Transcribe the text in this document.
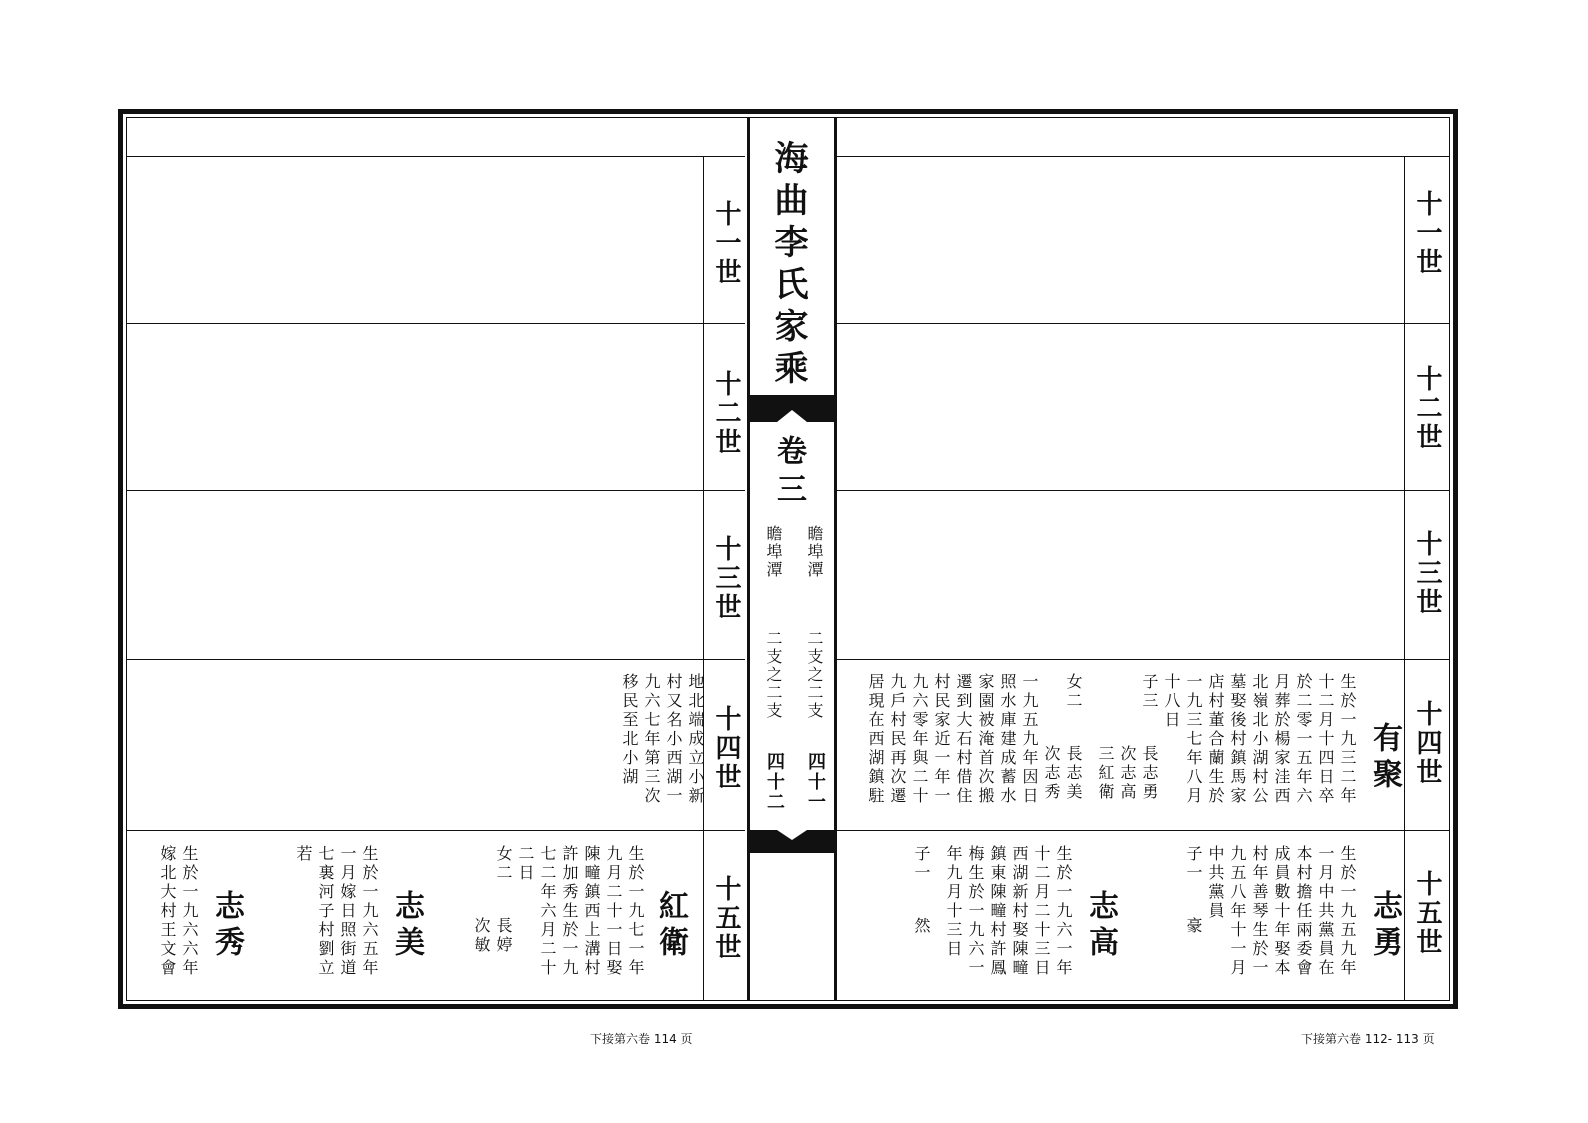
海曲李氏家乘
卷三
瞻埠潭
瞻埠潭
二支之二支
二支之二支
四十一
四十二
十一世
十二世
十三世
十四世
十五世
十一世
十二世
十三世
十四世
十五世
有聚
生於一九三二年
十二月十四日卒
於二零一五年六
月葬於楊家洼西
北嶺北小湖村公
墓娶後村鎮馬家
店村董合蘭生於
一九三七年八月
十八日
子三
長志勇
次志高
三紅衛
女二
長志美
次志秀
一九五九年因日
照水庫建成蓄水
家園被淹首次搬
遷到大石村借住
村民家近一年一
九六零年與二十
九戶村民再次遷
居現在西湖鎮駐
志勇
生於一九五九年
一月中共黨員在
本村擔任兩委會
成員數十年娶本
村年善琴生於一
九五八年十一月
中共黨員
子一
豪
志高
生於一九六一年
十二月二十三日
西湖新村娶陳疃
鎮東陳疃村許鳳
梅生於一九六一
年九月十三日
子一
然
地北端成立小新
村又名小西湖一
九六七年第三次
移民至北小湖
紅衛
生於一九七一年
九月二十一日娶
陳疃鎮西上溝村
許加秀生於一九
七二年六月二十
二日
女二
長婷
次敏
志美
生於一九六五年
一月嫁日照街道
七裏河子村劉立
若
志秀
生於一九六六年
嫁北大村王文會
下接第六卷 114 页	下接第六卷 112- 113 页
